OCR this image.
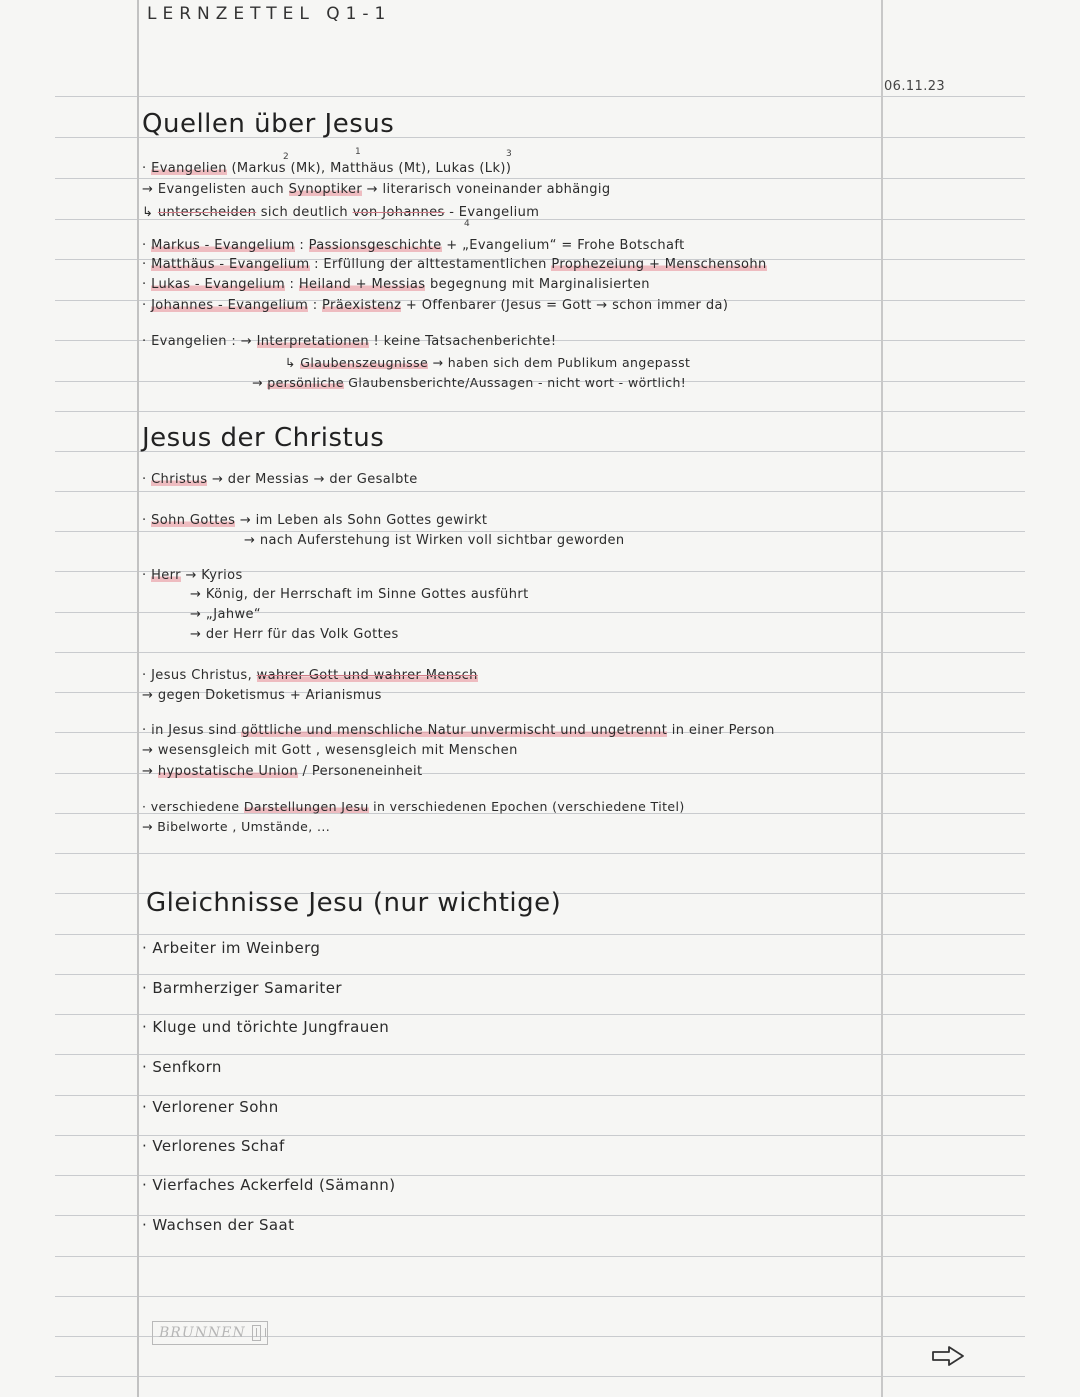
LERNZETTEL Q1-1
06.11.23
Quellen über Jesus
2	1	3
4
· Evangelien (Markus (Mk), Matthäus (Mt), Lukas (Lk))
→ Evangelisten auch Synoptiker → literarisch voneinander abhängig
↳ unterscheiden sich deutlich von Johannes - Evangelium
· Markus - Evangelium : Passionsgeschichte + „Evangelium“ = Frohe Botschaft
· Matthäus - Evangelium : Erfüllung der alttestamentlichen Prophezeiung + Menschensohn
· Lukas - Evangelium : Heiland + Messias begegnung mit Marginalisierten
· Johannes - Evangelium : Präexistenz + Offenbarer (Jesus = Gott → schon immer da)
· Evangelien : → Interpretationen ! keine Tatsachenberichte!
↳ Glaubenszeugnisse → haben sich dem Publikum angepasst
→ persönliche Glaubensberichte/Aussagen - nicht wort - wörtlich!
Jesus der Christus
· Christus → der Messias → der Gesalbte
· Sohn Gottes → im Leben als Sohn Gottes gewirkt
→ nach Auferstehung ist Wirken voll sichtbar geworden
· Herr → Kyrios
→ König, der Herrschaft im Sinne Gottes ausführt
→ „Jahwe“
→ der Herr für das Volk Gottes
· Jesus Christus, wahrer Gott und wahrer Mensch
→ gegen Doketismus + Arianismus
· in Jesus sind göttliche und menschliche Natur unvermischt und ungetrennt in einer Person
→ wesensgleich mit Gott , wesensgleich mit Menschen
→ hypostatische Union / Personeneinheit
· verschiedene Darstellungen Jesu in verschiedenen Epochen (verschiedene Titel)
→ Bibelworte , Umstände, ...
Gleichnisse Jesu (nur wichtige)
· Arbeiter im Weinberg
· Barmherziger Samariter
· Kluge und törichte Jungfrauen
· Senfkorn
· Verlorener Sohn
· Verlorenes Schaf
· Vierfaches Ackerfeld (Sämann)
· Wachsen der Saat
BRUNNEN
